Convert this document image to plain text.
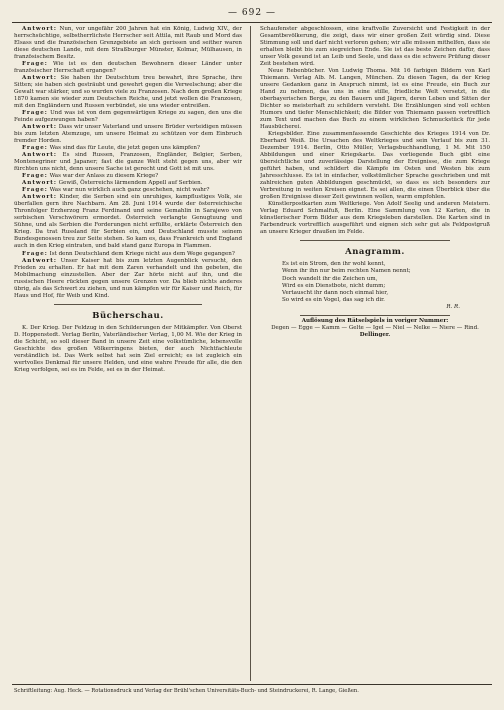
— 692 —

Antwort: Nun, vor ungefähr 200 Jahren hat ein König, Ludwig XIV., der herrschsüchtige, selbstherrlichste Herrscher seit Attila, mit Raub und Mord das Elsass und die französischen Grenzgebiete an sich gerissen und seither waren diese deutschen Lande, mit dem Straßburger Münster, Kolmar, Mülhausen, in französischem Besitz.

Frage: Wie ist es den deutschen Bewohnern dieser Länder unter französischer Herrschaft ergangen?

Antwort: Sie haben ihr Deutschtum treu bewahrt, ihre Sprache, ihre Sitten; sie haben sich gesträubt und gewehrt gegen die Verwelschung; aber die Gewalt war stärker, und so wurden viele zu Franzosen. Nach dem großen Kriege 1870 kamen sie wieder zum Deutschen Reiche, und jetzt wollen die Franzosen, mit den Engländern und Russen verbündet, sie uns wieder entreißen.

Frage: Und was ist von dem gegenwärtigen Kriege zu sagen, den uns die Feinde aufgezwungen haben?

Antwort: Dass wir unser Vaterland und unsere Brüder verteidigen müssen bis zum letzten Atemzuge, um unsere Heimat zu schützen vor dem Einbruch fremder Horden.

Frage: Was sind das für Leute, die jetzt gegen uns kämpfen?

Antwort: Es sind Russen, Franzosen, Engländer, Belgier, Serben, Montenegriner und Japaner; fast die ganze Welt steht gegen uns, aber wir fürchten uns nicht, denn unsere Sache ist gerecht und Gott ist mit uns.

Frage: Was war der Anlass zu diesem Kriege?

Antwort: Gewiß, Österreichs lärmendem Appell auf Serbien.

Frage: Was war nun wirklich auch ganz geschehen, nicht wahr?

Antwort: Kinder, die Serben sind ein unruhiges, kampflustiges Volk, sie überfallen gern ihre Nachbarn. Am 28. Juni 1914 wurde der österreichische Thronfolger Erzherzog Franz Ferdinand und seine Gemahlin in Sarajewo von serbischen Verschwörern ermordet. Österreich verlangte Genugtuung und Sühne, und als Serbien die Forderungen nicht erfüllte, erklärte Österreich den Krieg. Da trat Russland für Serbien ein, und Deutschland musste seinem Bundesgenossen treu zur Seite stehen. So kam es, dass Frankreich und England auch in den Krieg eintraten, und bald stand ganz Europa in Flammen.

Frage: Ist denn Deutschland dem Kriege nicht aus dem Wege gegangen?

Antwort: Unser Kaiser hat bis zum letzten Augenblick versucht, den Frieden zu erhalten. Er hat mit dem Zaren verhandelt und ihn gebeten, die Mobilmachung einzustellen. Aber der Zar hörte nicht auf ihn, und die russischen Heere rückten gegen unsere Grenzen vor. Da blieb nichts anderes übrig, als das Schwert zu ziehen, und nun kämpfen wir für Kaiser und Reich, für Haus und Hof, für Weib und Kind.

Bücherschau.

K. Der Krieg. Der Feldzug in den Schilderungen der Mitkämpfer. Von Oberst D. Hoppenstedt. Verlag Berlin, Vaterländischer Verlag, 1,00 M. Wie der Krieg in die Schicht, so soll dieser Band in unsere Zeit eine volkstümliche, lebensvolle Geschichte des großen Völkerringens bieten, der auch Nichtfachleute verständlich ist. Das Werk selbst hat sein Ziel erreicht; es ist zugleich ein wertvolles Denkmal für unsere Helden, und eine wahre Freude für alle, die den Krieg verfolgen, sei es im Felde, sei es in der Heimat.

Schaufenster abgeschlossen, eine kraftvolle Zuversicht und Festigkeit in der Gesamtbevölkerung, die zeigt, dass wir einer großen Zeit würdig sind. Diese Stimmung soll und darf nicht verloren gehen; wir alle müssen mithelfen, dass sie erhalten bleibt bis zum siegreichen Ende. Sie ist das beste Zeichen dafür, dass unser Volk gesund ist an Leib und Seele, und dass es die schwere Prüfung dieser Zeit bestehen wird.

Neue Rebenbücher. Von Ludwig Thoma. Mit 16 farbigen Bildern von Karl Thiemann. Verlag Alb. M. Langen, München. Zu diesen Tagen, da der Krieg unsere Gedanken ganz in Anspruch nimmt, ist es eine Freude, ein Buch zur Hand zu nehmen, das uns in eine stille, friedliche Welt versetzt, in die oberbayerischen Berge, zu den Bauern und Jägern, deren Leben und Sitten der Dichter so meisterhaft zu schildern versteht. Die Erzählungen sind voll echten Humors und tiefer Menschlichkeit; die Bilder von Thiemann passen vortrefflich zum Text und machen das Buch zu einem wirklichen Schmuckstück für jede Hausbücherei.

Kriegsbilder. Eine zusammenfassende Geschichte des Krieges 1914 von Dr. Eberhard Weiß. Die Ursachen des Weltkrieges und sein Verlauf bis zum 31. Dezember 1914. Berlin, Otto Müller, Verlagsbuchhandlung, 1 M. Mit 150 Abbildungen und einer Kriegskarte. Das vorliegende Buch gibt eine übersichtliche und zuverlässige Darstellung der Ereignisse, die zum Kriege geführt haben, und schildert die Kämpfe im Osten und Westen bis zum Jahresschlusse. Es ist in einfacher, volkstümlicher Sprache geschrieben und mit zahlreichen guten Abbildungen geschmückt, so dass es sich besonders zur Verbreitung in weiten Kreisen eignet. Es sei allen, die einen Überblick über die großen Ereignisse dieser Zeit gewinnen wollen, warm empfohlen.

Künstlerpostkarten zum Weltkriege. Von Adolf Seelig und anderen Meistern. Verlag Eduard Schmalfuß, Berlin. Eine Sammlung von 12 Karten, die in künstlerischer Form Bilder aus dem Kriegsleben darstellen. Die Karten sind in Farbendruck vortrefflich ausgeführt und eignen sich sehr gut als Feldpostgruß an unsere Krieger draußen im Felde.

Anagramm.

Es ist ein Strom, den ihr wohl kennt,

Wenn ihr ihn nur beim rechten Namen nennt;

Doch wandelt ihr die Zeichen um,

Wird es ein Dienstbote, nicht dumm;

Vertauscht ihr dann noch einmal hier,

So wird es ein Vogel, das sag ich dir.

R. R.

Auflösung des Rätselspiels in voriger Nummer:

Degen — Egge — Kamm — Gelte — Igel — Niel — Nelke — Niere — Rind.

Dellinger.

Schriftleitung: Aug. Heck. — Rotationsdruck und Verlag der Brühl'schen Universitäts-Buch- und Steindruckerei, R. Lange, Gießen.
